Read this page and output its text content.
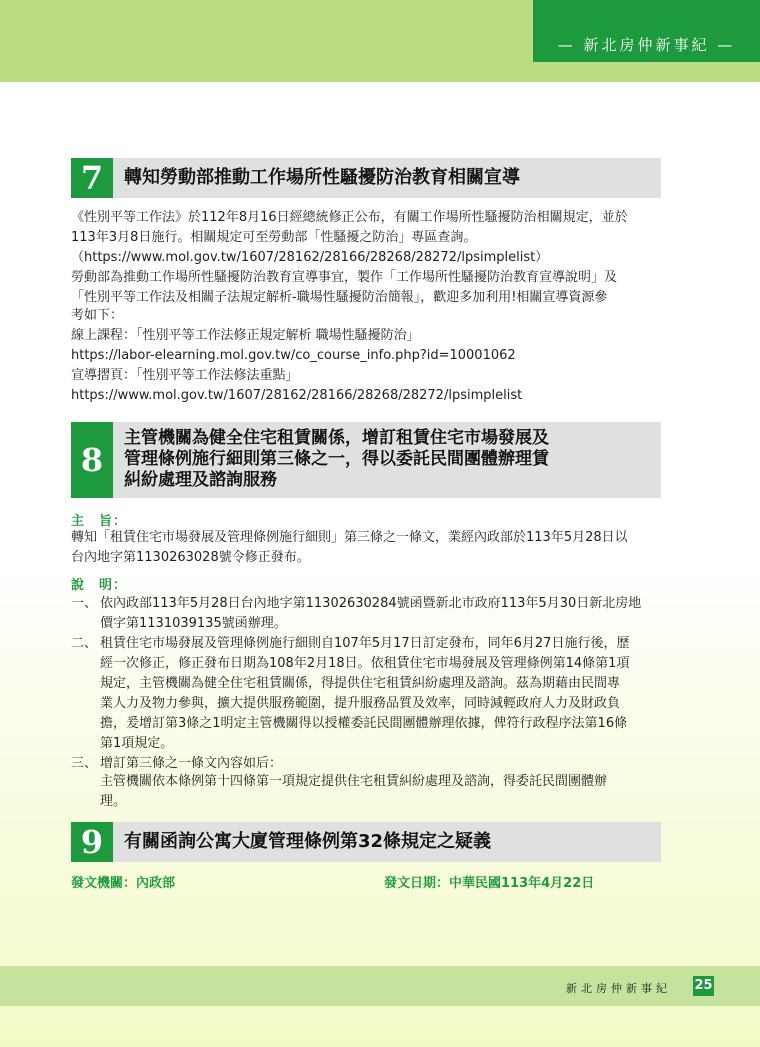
— 新北房仲新事紀 —
7	轉知勞動部推動工作場所性騷擾防治教育相關宣導

《性別平等工作法》於112年8月16日經總統修正公布，有關工作場所性騷擾防治相關規定，並於

113年3月8日施行。相關規定可至勞動部「性騷擾之防治」專區查詢。

（https://www.mol.gov.tw/1607/28162/28166/28268/28272/lpsimplelist）

勞動部為推動工作場所性騷擾防治教育宣導事宜，製作「工作場所性騷擾防治教育宣導說明」及

「性別平等工作法及相關子法規定解析-職場性騷擾防治簡報」，歡迎多加利用!相關宣導資源參

考如下：

線上課程：「性別平等工作法修正規定解析 職場性騷擾防治」

https://labor-elearning.mol.gov.tw/co_course_info.php?id=10001062

宣導摺頁：「性別平等工作法修法重點」

https://www.mol.gov.tw/1607/28162/28166/28268/28272/lpsimplelist

8
主管機關為健全住宅租賃關係，增訂租賃住宅市場發展及
管理條例施行細則第三條之一，得以委託民間團體辦理賃
糾紛處理及諮詢服務
主　旨：

轉知「租賃住宅市場發展及管理條例施行細則」第三條之一條文，業經內政部於113年5月28日以

台內地字第1130263028號令修正發布。

說　明：
一、 依內政部113年5月28日台內地字第11302630284號函暨新北市政府113年5月30日新北房地
價字第1131039135號函辦理。
二、 租賃住宅市場發展及管理條例施行細則自107年5月17日訂定發布，同年6月27日施行後，歷
經一次修正，修正發布日期為108年2月18日。依租賃住宅市場發展及管理條例第14條第1項
規定，主管機關為健全住宅租賃關係，得提供住宅租賃糾紛處理及諮詢。茲為期藉由民間專
業人力及物力參與，擴大提供服務範圍，提升服務品質及效率，同時減輕政府人力及財政負
擔，爰增訂第3條之1明定主管機關得以授權委託民間團體辦理依據，俾符行政程序法第16條
第1項規定。
三、 增訂第三條之一條文內容如后：
主管機關依本條例第十四條第一項規定提供住宅租賃糾紛處理及諮詢，得委託民間團體辦
理。
9	有關函詢公寓大廈管理條例第32條規定之疑義
發文機關：內政部	發文日期：中華民國113年4月22日
新北房仲新事紀 25
